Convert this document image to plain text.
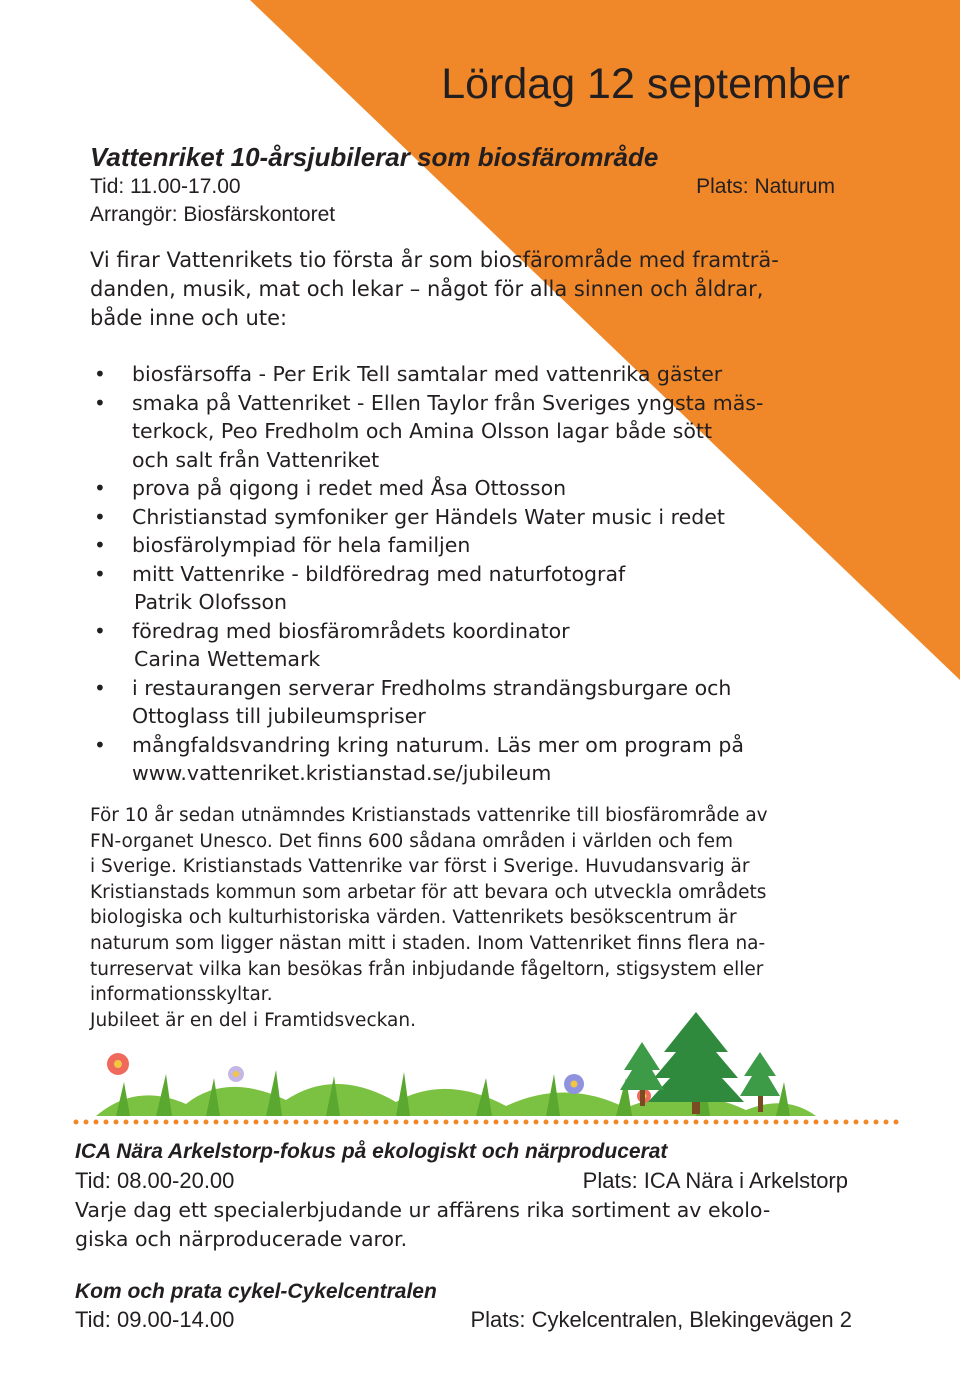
Lördag 12 september
Vattenriket 10-årsjubilerar som biosfärområde
Tid: 11.00-17.00	Plats: Naturum
Arrangör: Biosfärskontoret

Vi firar Vattenrikets tio första år som biosfärområde med framträ-
danden, musik, mat och lekar – något för alla sinnen och åldrar,
både inne och ute:

• biosfärsoffa - Per Erik Tell samtalar med vattenrika gäster
• smaka på Vattenriket - Ellen Taylor från Sveriges yngsta mäs-
terkock, Peo Fredholm och Amina Olsson lagar både sött
och salt från Vattenriket
• prova på qigong i redet med Åsa Ottosson
• Christianstad symfoniker ger Händels Water music i redet
• biosfärolympiad för hela familjen
• mitt Vattenrike - bildföredrag med naturfotograf
Patrik Olofsson
• föredrag med biosfärområdets koordinator
Carina Wettemark
• i restaurangen serverar Fredholms strandängsburgare och
Ottoglass till jubileumspriser
• mångfaldsvandring kring naturum. Läs mer om program på
www.vattenriket.kristianstad.se/jubileum

För 10 år sedan utnämndes Kristianstads vattenrike till biosfärområde av
FN-organet Unesco. Det finns 600 sådana områden i världen och fem
i Sverige. Kristianstads Vattenrike var först i Sverige. Huvudansvarig är
Kristianstads kommun som arbetar för att bevara och utveckla områdets
biologiska och kulturhistoriska värden. Vattenrikets besökscentrum är
naturum som ligger nästan mitt i staden. Inom Vattenriket finns flera na-
turreservat vilka kan besökas från inbjudande fågeltorn, stigsystem eller
informationsskyltar.
Jubileet är en del i Framtidsveckan.

ICA Nära Arkelstorp-fokus på ekologiskt och närproducerat
Tid: 08.00-20.00	Plats: ICA Nära i Arkelstorp

Varje dag ett specialerbjudande ur affärens rika sortiment av ekolo-
giska och närproducerade varor.

Kom och prata cykel-Cykelcentralen
Tid: 09.00-14.00	Plats: Cykelcentralen, Blekingevägen 2
